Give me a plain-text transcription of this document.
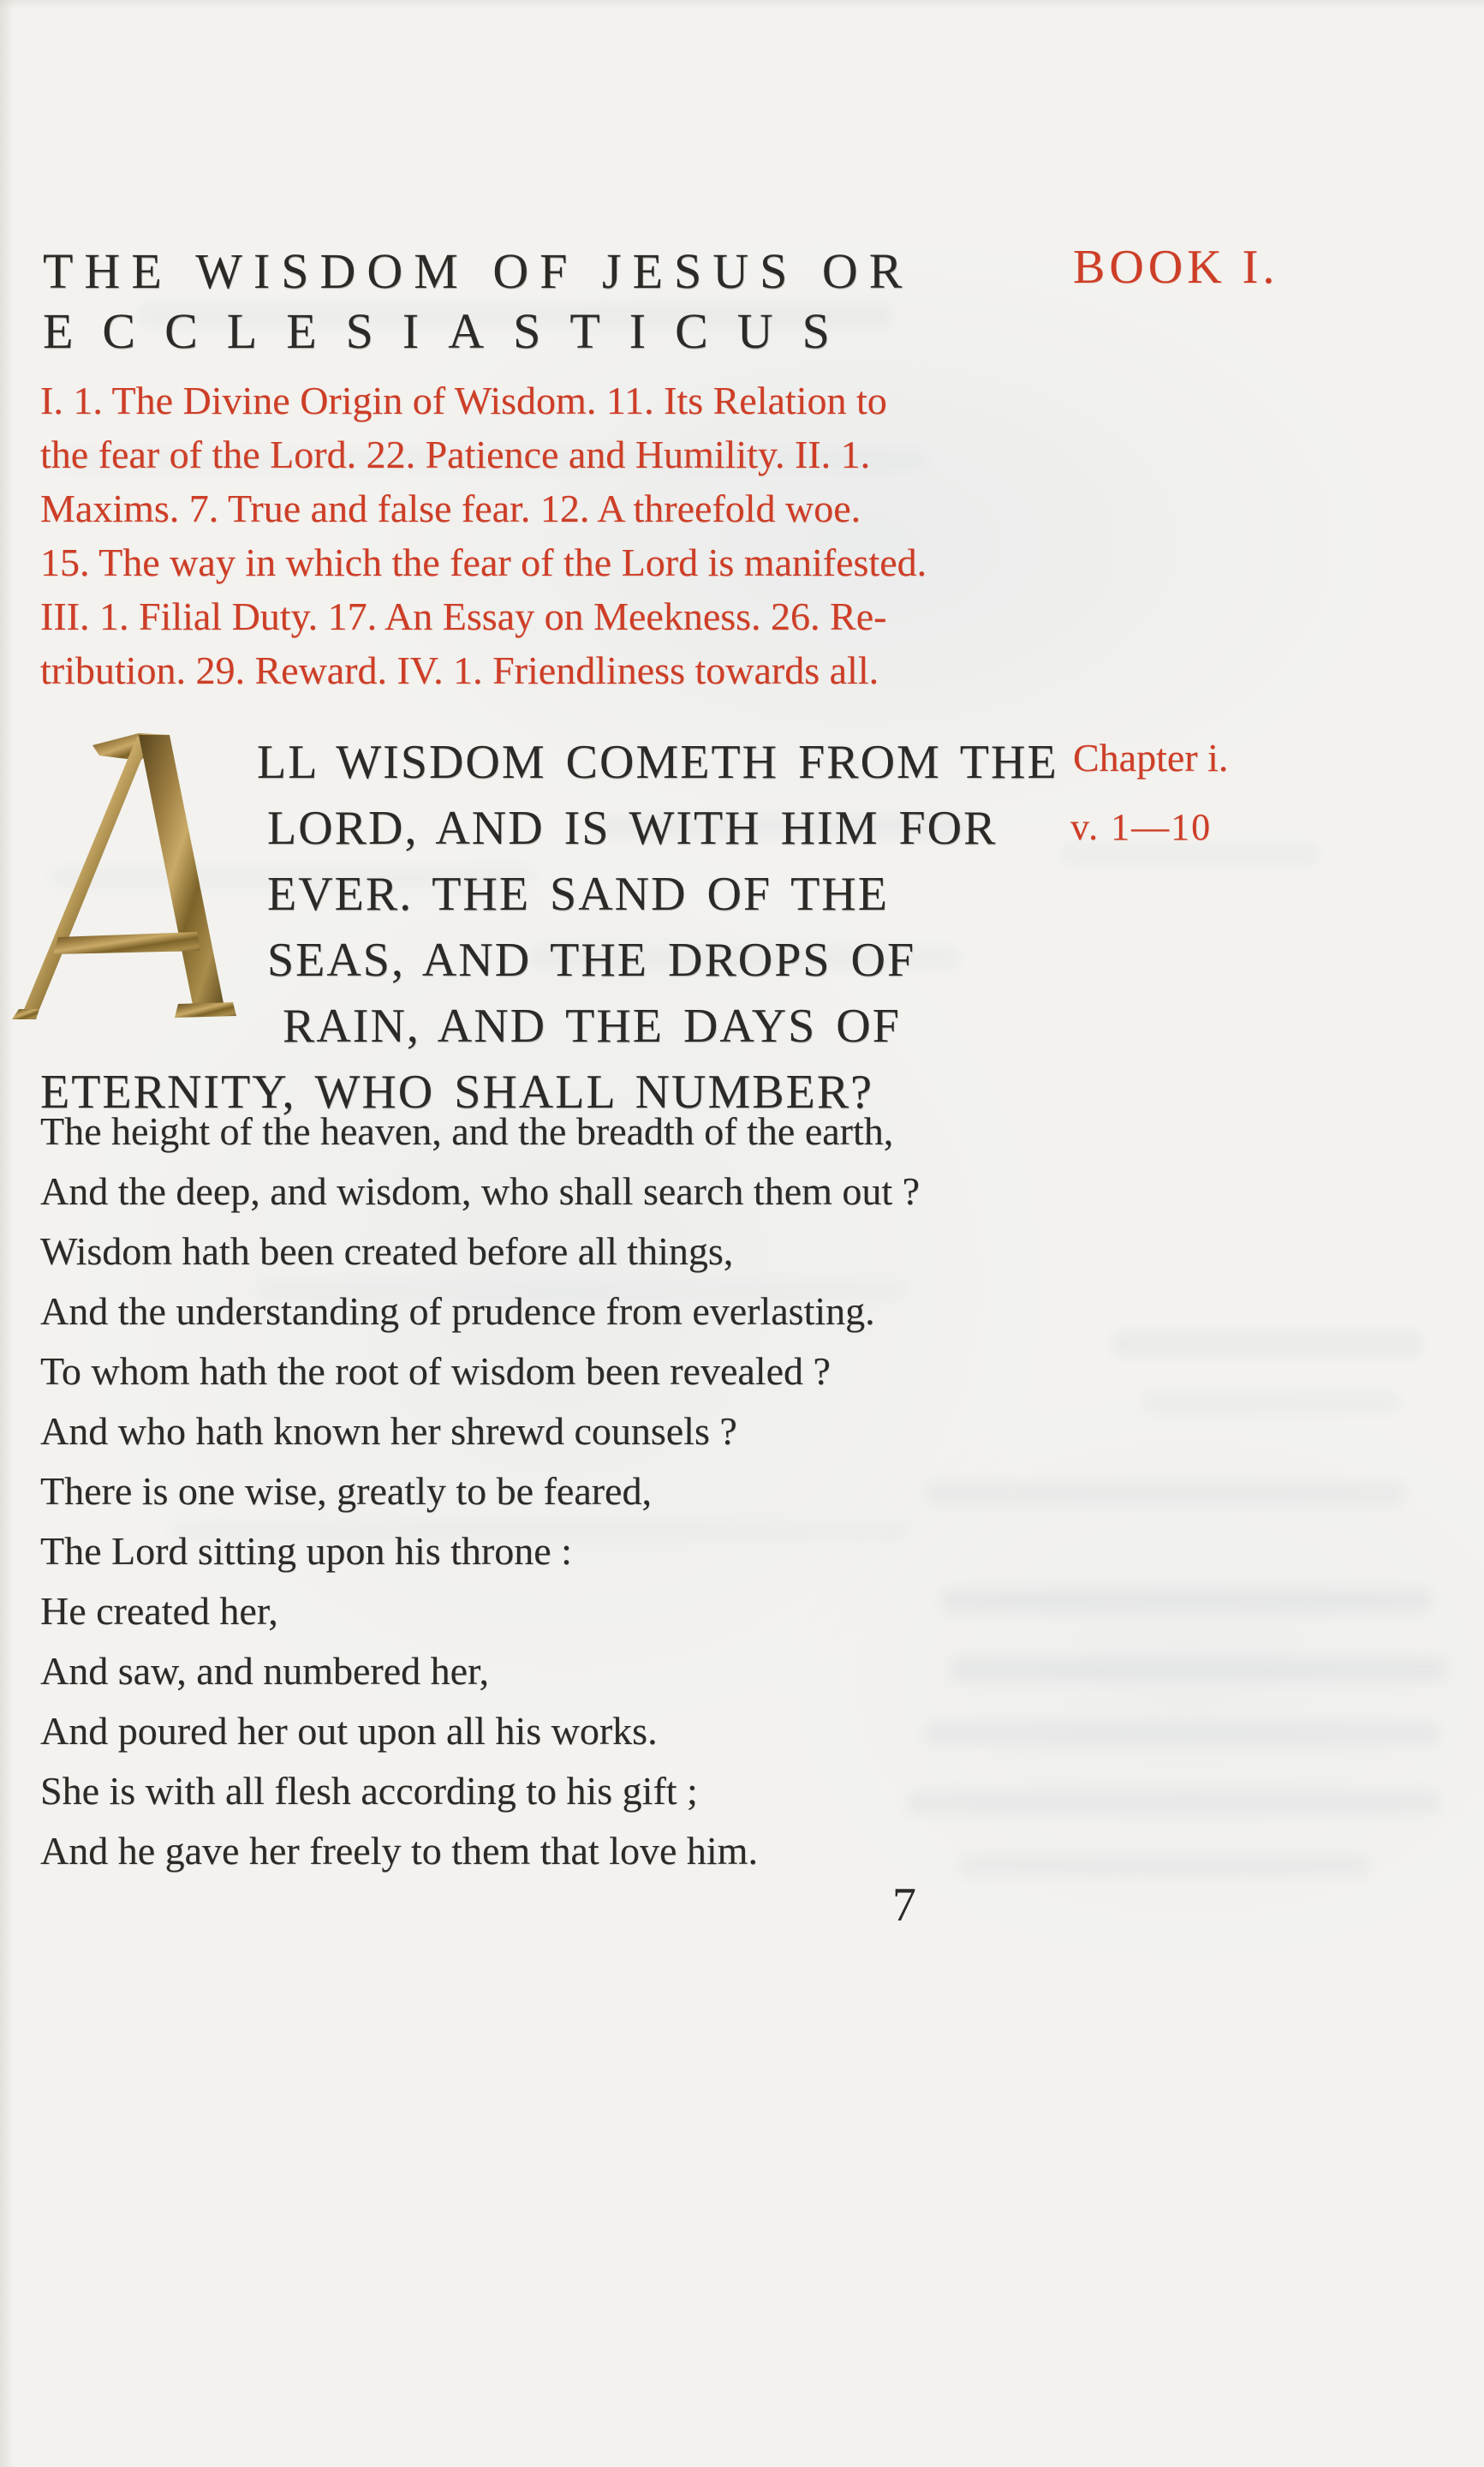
THE WISDOM OF JESUS OR
ECCLESIASTICUS
BOOK I.
I. 1. The Divine Origin of Wisdom. 11. Its Relation to
the fear of the Lord. 22. Patience and Humility. II. 1.
Maxims. 7. True and false fear. 12. A threefold woe.
15. The way in which the fear of the Lord is manifested.
III. 1. Filial Duty. 17. An Essay on Meekness. 26. Re-
tribution. 29. Reward. IV. 1. Friendliness towards all.
LL WISDOM COMETH FROM THE
LORD, AND IS WITH HIM FOR
EVER. THE SAND OF THE
SEAS, AND THE DROPS OF
RAIN, AND THE DAYS OF
ETERNITY, WHO SHALL NUMBER?
Chapter i.
v. 1—10
The height of the heaven, and the breadth of the earth,
And the deep, and wisdom, who shall search them out ?
Wisdom hath been created before all things,
And the understanding of prudence from everlasting.
To whom hath the root of wisdom been revealed ?
And who hath known her shrewd counsels ?
There is one wise, greatly to be feared,
The Lord sitting upon his throne :
He created her,
And saw, and numbered her,
And poured her out upon all his works.
She is with all flesh according to his gift ;
And he gave her freely to them that love him.
7
